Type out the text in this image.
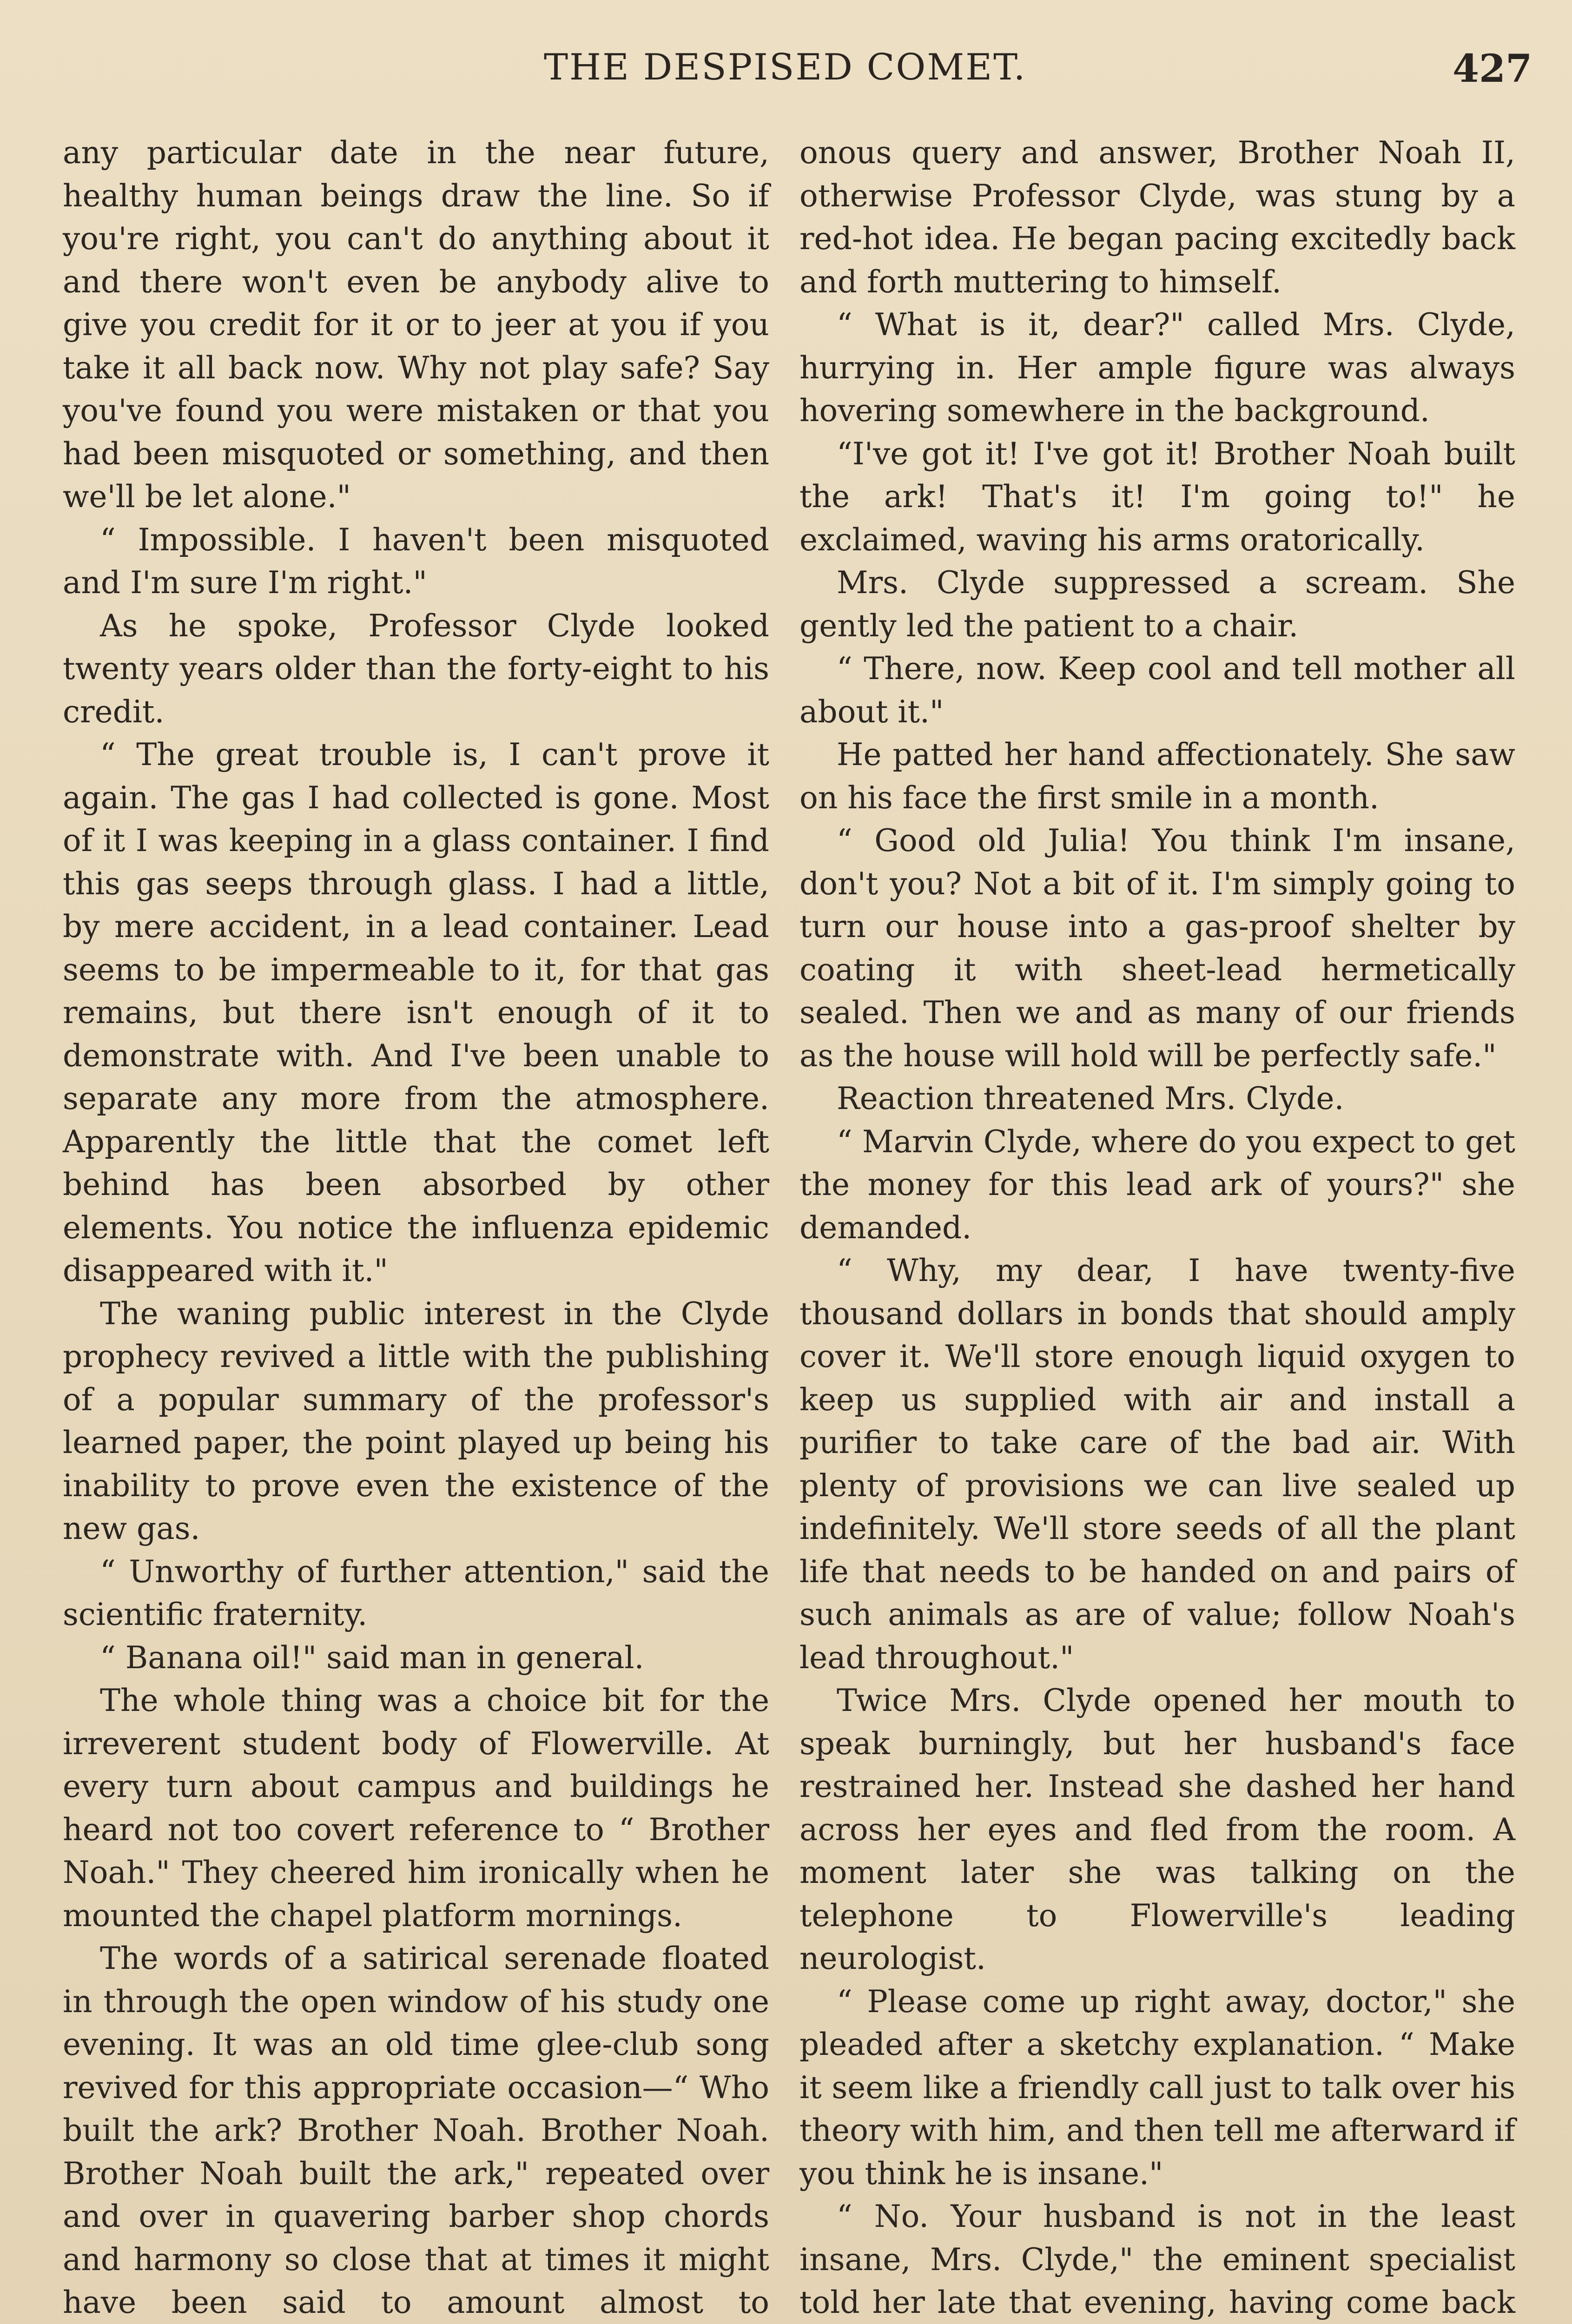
THE DESPISED COMET.	427

any particular date in the near future, healthy human beings draw the line. So if you're right, you can't do anything about it and there won't even be anybody alive to give you credit for it or to jeer at you if you take it all back now. Why not play safe? Say you've found you were mistaken or that you had been misquoted or something, and then we'll be let alone."

“ Impossible. I haven't been misquoted and I'm sure I'm right."

As he spoke, Professor Clyde looked twenty years older than the forty-eight to his credit.

“ The great trouble is, I can't prove it again. The gas I had collected is gone. Most of it I was keeping in a glass container. I find this gas seeps through glass. I had a little, by mere accident, in a lead container. Lead seems to be impermeable to it, for that gas remains, but there isn't enough of it to demonstrate with. And I've been unable to separate any more from the atmosphere. Apparently the little that the comet left behind has been absorbed by other elements. You notice the influenza epidemic disappeared with it."

The waning public interest in the Clyde prophecy revived a little with the publishing of a popular summary of the professor's learned paper, the point played up being his inability to prove even the existence of the new gas.

“ Unworthy of further attention," said the scientific fraternity.

“ Banana oil!" said man in general.

The whole thing was a choice bit for the irreverent student body of Flowerville. At every turn about campus and buildings he heard not too covert reference to “ Brother Noah." They cheered him ironically when he mounted the chapel platform mornings.

The words of a satirical serenade floated in through the open window of his study one evening. It was an old time glee-club song revived for this appropriate occasion—“ Who built the ark? Brother Noah. Brother Noah. Brother Noah built the ark," repeated over and over in quavering barber shop chords and harmony so close that at times it might have been said to amount almost to

onous query and answer, Brother Noah II, otherwise Professor Clyde, was stung by a red-hot idea. He began pacing excitedly back and forth muttering to himself.

“ What is it, dear?" called Mrs. Clyde, hurrying in. Her ample figure was always hovering somewhere in the background.

“I've got it! I've got it! Brother Noah built the ark! That's it! I'm going to!" he exclaimed, waving his arms oratorically.

Mrs. Clyde suppressed a scream. She gently led the patient to a chair.

“ There, now. Keep cool and tell mother all about it."

He patted her hand affectionately. She saw on his face the first smile in a month.

“ Good old Julia! You think I'm insane, don't you? Not a bit of it. I'm simply going to turn our house into a gas-proof shelter by coating it with sheet-lead hermetically sealed. Then we and as many of our friends as the house will hold will be perfectly safe."

Reaction threatened Mrs. Clyde.

“ Marvin Clyde, where do you expect to get the money for this lead ark of yours?" she demanded.

“ Why, my dear, I have twenty-five thousand dollars in bonds that should amply cover it. We'll store enough liquid oxygen to keep us supplied with air and install a purifier to take care of the bad air. With plenty of provisions we can live sealed up indefinitely. We'll store seeds of all the plant life that needs to be handed on and pairs of such animals as are of value; follow Noah's lead throughout."

Twice Mrs. Clyde opened her mouth to speak burningly, but her husband's face restrained her. Instead she dashed her hand across her eyes and fled from the room. A moment later she was talking on the telephone to Flowerville's leading neurologist.

“ Please come up right away, doctor," she pleaded after a sketchy explanation. “ Make it seem like a friendly call just to talk over his theory with him, and then tell me afterward if you think he is insane."

“ No. Your husband is not in the least insane, Mrs. Clyde," the eminent specialist told her late that evening, having come back
